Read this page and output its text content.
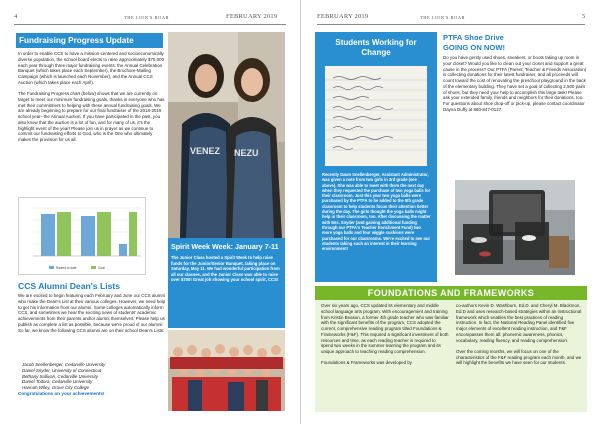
4	THE LION'S ROAR	FEBRUARY 2019
Fundraising Progress Update

In order to enable CCS to have a mission-centered and socioeconomically diverse population, the school board elects to raise approximately $70,000 each year through three major fundraising events: the Annual Celebration Banquet (which takes place each September), the Brochure-Mailing Campaign (which is launched each November), and the Annual CCS Auction (which takes place each April).

The Fundraising Progress chart (below) shows that we are currently on target to meet our minimum fundraising goals, thanks in everyone who has met their commitment to helping with these annual fundraising goals. We are already beginning to prepare for our final fundraiser of the 2018-2019 school year--the Annual Auction. If you have participated in the past, you also know that the auction is a lot of fun, and for many of us, it's the highlight event of the year! Please join us in prayer as we continue to commit our fundraising efforts to God, who is the One who ultimately makes the provision for us all.

Raised to date	Goal
VENEZ NEZU
Spirit Week Week: January 7-11
The Junior Class hosted a Spirit Week to help raise funds for the Junior/Senior Banquet, taking place on Saturday, May 11. We had wonderful participation from all our classes, and the Junior Class was able to raise over $700! Great job showing your school spirit, CCS!
CCS Alumni Dean's Lists
We are excited to begin featuring each February and June our CCS alumni who make the Dean's List at their various colleges. However, we need help to get his information from our alumni. Some colleges automatically inform CCS, and sometimes we hear the exciting news of students' academic achievements from their parents and/or alumni themselves. Please help us publish as complete a list as possible, because we're proud of our alumni! So far, we know the following CCS alumni are on their school Dean's Lists:
Jacob Snellenberger, Cedarville University
Daniel Snyder, University of Connecticut
Bethany Sullivan, Cedarville University
Daniel Todora, Cedarville University
Hannah Wiley, Grove City College
Congratulations on your achievements!
FEBRUARY 2019	THE LION'S ROAR	5
Students Working for Change
Recently Dawn Snellenberger, Assistant Administrator, was given a note from two girls in 3rd grade (see above). She was able to meet with them the next day when they requested the purchase of two yoga balls for their classroom. Just this year two yoga balls were purchased by the PTFA to be added to the 5th grade classroom to help students focus their attention better during the day. The girls thought the yoga balls might help in their classroom, too. After discussing the matter with Mrs. Snyder (and gaining additional funding through our PTFA's Teacher Enrichment Fund) two more yoga balls and four wiggle cushions were purchased for our classrooms. We're excited to see our students taking such an interest in their learning environment!
PTFA Shoe Drive
GOING ON NOW!
Do you have gently used shoes, sneakers, or boots taking up room in your closet? Would you like to clean out your closet and support a great cause in the process? Our PTFA (Parent, Teacher & Friends Association) is collecting donations for their latest fundraiser, and all proceeds will count toward the cost of renovating the preschool playground in the back of the elementary building. They have set a goal of collecting 2,500 pairs of shoes, but they need your help to accomplish this large task! Please ask your extended family, friends and neighbors for their donations, too. For questions about shoe drop-off or pick-up, please contact coordinator Dayna Duffy at 860-847-0127.
FOUNDATIONS AND FRAMEWORKS

Over six years ago, CCS updated its elementary and middle school language arts program. With encouragement and training from Kristin Beason, a former 4th grade teacher who was familiar with the significant benefits of the program, CCS adopted the current, comprehensive reading program titled Foundations & Frameworks (F&F). This required a significant investment of both resources and time, as each reading teacher is required to spend two weeks in the summer learning the program and its unique approach to teaching reading comprehension.

Foundations & Frameworks was developed by

co-authors Kevin D. Washburn, Ed.D. and Cheryl M. Blackmon, Ed.D and uses research-based strategies within an instructional framework which enables the best practices of reading instruction. In fact, the National Reading Panel identified five major elements of excellent reading instruction, and F&F encompasses them all: phonemic awareness, phonics, vocabulary, reading fluency, and reading comprehension.

Over the coming months, we will focus on one of the characteristics of the F&F reading program each month, and we will highlight the benefits we have seen for our students.
